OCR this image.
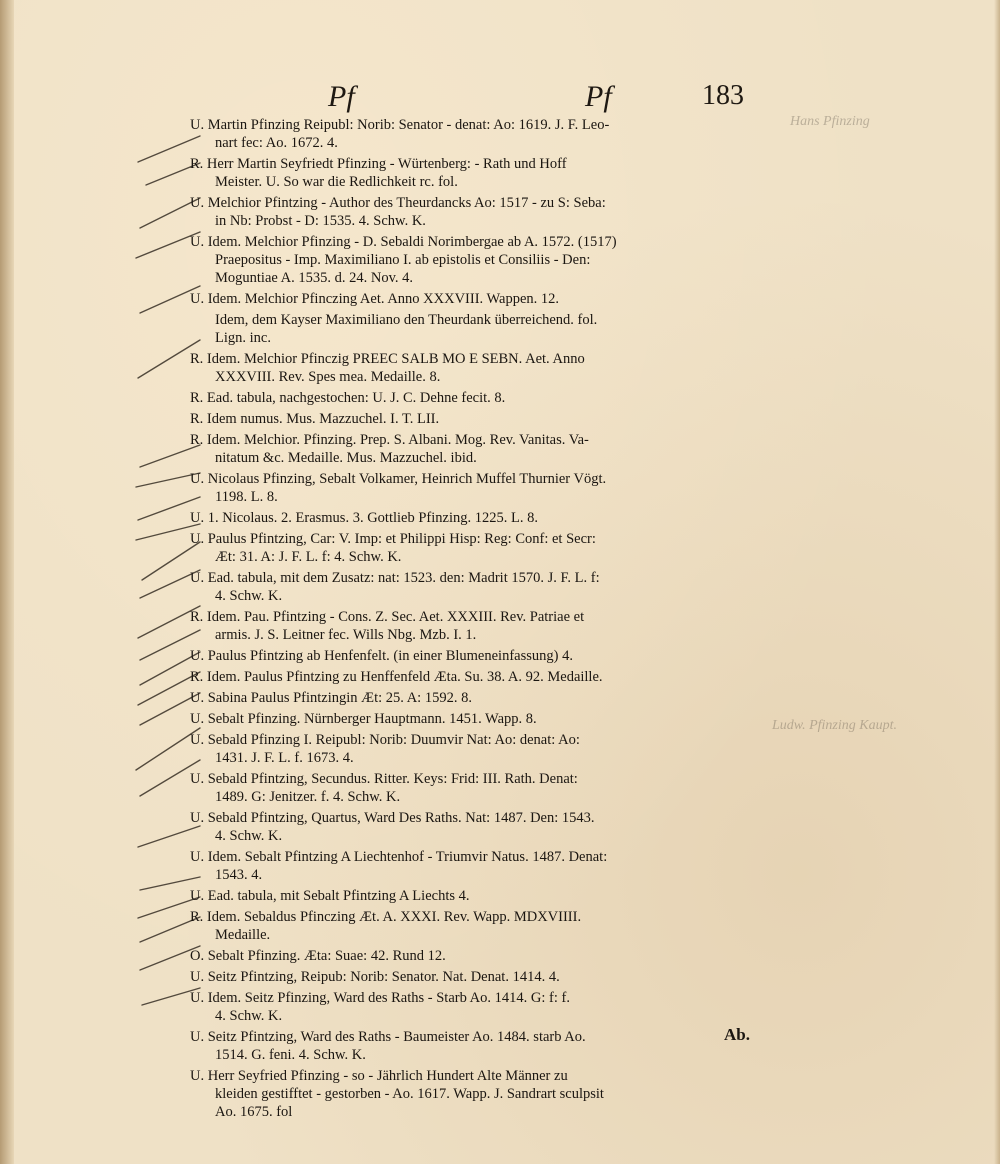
Pf	Pf	183
Hans Pfinzing
Ludw. Pfinzing Kaupt.
U. Martin Pfinzing Reipubl: Norib: Senator - denat: Ao: 1619. J. F. Leo-
nart fec: Ao. 1672. 4.
R. Herr Martin Seyfriedt Pfinzing - Würtenberg: - Rath und Hoff
Meister. U. So war die Redlichkeit rc. fol.
U. Melchior Pfintzing - Author des Theurdancks Ao: 1517 - zu S: Seba:
in Nb: Probst - D: 1535. 4. Schw. K.
U. Idem. Melchior Pfinzing - D. Sebaldi Norimbergae ab A. 1572. (1517)
Praepositus - Imp. Maximiliano I. ab epistolis et Consiliis - Den:
Moguntiae A. 1535. d. 24. Nov. 4.
U. Idem. Melchior Pfinczing Aet. Anno XXXVIII. Wappen. 12.
Idem, dem Kayser Maximiliano den Theurdank überreichend. fol.
Lign. inc.
R. Idem. Melchior Pfinczig PREEC SALB MO E SEBN. Aet. Anno
XXXVIII. Rev. Spes mea. Medaille. 8.
R. Ead. tabula, nachgestochen: U. J. C. Dehne fecit. 8.
R. Idem numus. Mus. Mazzuchel. I. T. LII.
R. Idem. Melchior. Pfinzing. Prep. S. Albani. Mog. Rev. Vanitas. Va-
nitatum &c. Medaille. Mus. Mazzuchel. ibid.
U. Nicolaus Pfinzing, Sebalt Volkamer, Heinrich Muffel Thurnier Vögt.
1198. L. 8.
U. 1. Nicolaus. 2. Erasmus. 3. Gottlieb Pfinzing. 1225. L. 8.
U. Paulus Pfintzing, Car: V. Imp: et Philippi Hisp: Reg: Conf: et Secr:
Æt: 31. A: J. F. L. f: 4. Schw. K.
U. Ead. tabula, mit dem Zusatz: nat: 1523. den: Madrit 1570. J. F. L. f:
4. Schw. K.
R. Idem. Pau. Pfintzing - Cons. Z. Sec. Aet. XXXIII. Rev. Patriae et
armis. J. S. Leitner fec. Wills Nbg. Mzb. I. 1.
U. Paulus Pfintzing ab Henfenfelt. (in einer Blumeneinfassung) 4.
R. Idem. Paulus Pfintzing zu Henffenfeld Æta. Su. 38. A. 92. Medaille.
U. Sabina Paulus Pfintzingin Æt: 25. A: 1592. 8.
U. Sebalt Pfinzing. Nürnberger Hauptmann. 1451. Wapp. 8.
U. Sebald Pfinzing I. Reipubl: Norib: Duumvir Nat: Ao: denat: Ao:
1431. J. F. L. f. 1673. 4.
U. Sebald Pfintzing, Secundus. Ritter. Keys: Frid: III. Rath. Denat:
1489. G: Jenitzer. f. 4. Schw. K.
U. Sebald Pfintzing, Quartus, Ward Des Raths. Nat: 1487. Den: 1543.
4. Schw. K.
U. Idem. Sebalt Pfintzing A Liechtenhof - Triumvir Natus. 1487. Denat:
1543. 4.
U. Ead. tabula, mit Sebalt Pfintzing A Liechts 4.
R. Idem. Sebaldus Pfinczing Æt. A. XXXI. Rev. Wapp. MDXVIIII.
Medaille.
O. Sebalt Pfinzing. Æta: Suae: 42. Rund 12.
U. Seitz Pfintzing, Reipub: Norib: Senator. Nat. Denat. 1414. 4.
U. Idem. Seitz Pfinzing, Ward des Raths - Starb Ao. 1414. G: f: f.
4. Schw. K.
U. Seitz Pfintzing, Ward des Raths - Baumeister Ao. 1484. starb Ao.
1514. G. feni. 4. Schw. K.
U. Herr Seyfried Pfinzing - so - Jährlich Hundert Alte Männer zu
kleiden gestifftet - gestorben - Ao. 1617. Wapp. J. Sandrart sculpsit
Ao. 1675. fol
Ab.
